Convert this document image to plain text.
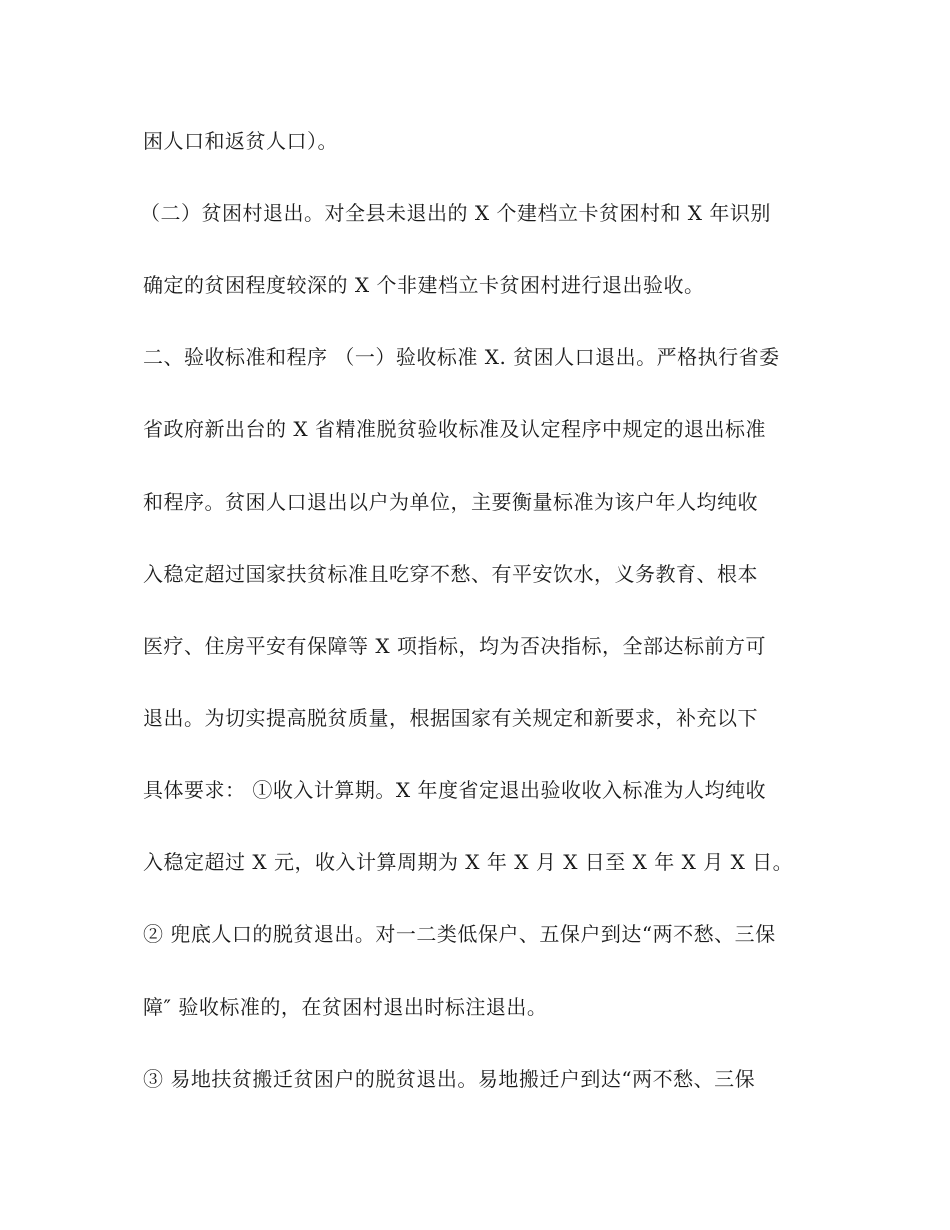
困人口和返贫人口）。
（二）贫困村退出。对全县未退出的 X 个建档立卡贫困村和 X 年识别
确定的贫困程度较深的 X 个非建档立卡贫困村进行退出验收。
二、验收标准和程序 （一）验收标准 X. 贫困人口退出。严格执行省委
省政府新出台的 X 省精准脱贫验收标准及认定程序中规定的退出标准
和程序。贫困人口退出以户为单位，主要衡量标准为该户年人均纯收
入稳定超过国家扶贫标准且吃穿不愁、有平安饮水，义务教育、根本
医疗、住房平安有保障等 X 项指标，均为否决指标，全部达标前方可
退出。为切实提高脱贫质量，根据国家有关规定和新要求，补充以下
具体要求： ①收入计算期。X 年度省定退出验收收入标准为人均纯收
入稳定超过 X 元，收入计算周期为 X 年 X 月 X 日至 X 年 X 月 X 日。
② 兜底人口的脱贫退出。对一二类低保户、五保户到达“两不愁、三保
障″ 验收标准的，在贫困村退出时标注退出。
③ 易地扶贫搬迁贫困户的脱贫退出。易地搬迁户到达“两不愁、三保
